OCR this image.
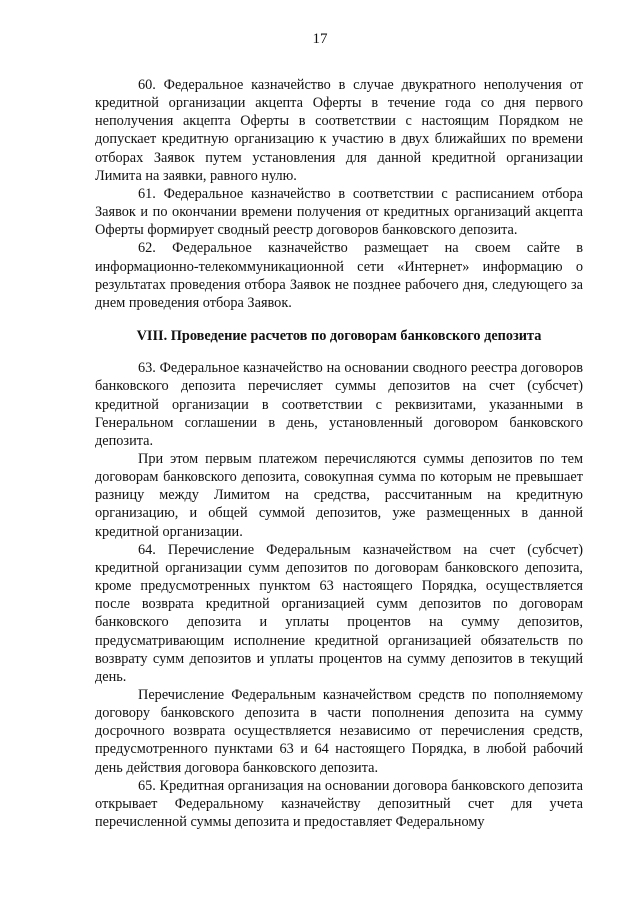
17

60. Федеральное казначейство в случае двукратного неполучения от кредитной организации акцепта Оферты в течение года со дня первого неполучения акцепта Оферты в соответствии с настоящим Порядком не допускает кредитную организацию к участию в двух ближайших по времени отборах Заявок путем установления для данной кредитной организации Лимита на заявки, равного нулю.

61. Федеральное казначейство в соответствии с расписанием отбора Заявок и по окончании времени получения от кредитных организаций акцепта Оферты формирует сводный реестр договоров банковского депозита.

62. Федеральное казначейство размещает на своем сайте в информационно-телекоммуникационной сети «Интернет» информацию о результатах проведения отбора Заявок не позднее рабочего дня, следующего за днем проведения отбора Заявок.

VIII. Проведение расчетов по договорам банковского депозита

63. Федеральное казначейство на основании сводного реестра договоров банковского депозита перечисляет суммы депозитов на счет (субсчет) кредитной организации в соответствии с реквизитами, указанными в Генеральном соглашении в день, установленный договором банковского депозита.

При этом первым платежом перечисляются суммы депозитов по тем договорам банковского депозита, совокупная сумма по которым не превышает разницу между Лимитом на средства, рассчитанным на кредитную организацию, и общей суммой депозитов, уже размещенных в данной кредитной организации.

64. Перечисление Федеральным казначейством на счет (субсчет) кредитной организации сумм депозитов по договорам банковского депозита, кроме предусмотренных пунктом 63 настоящего Порядка, осуществляется после возврата кредитной организацией сумм депозитов по договорам банковского депозита и уплаты процентов на сумму депозитов, предусматривающим исполнение кредитной организацией обязательств по возврату сумм депозитов и уплаты процентов на сумму депозитов в текущий день.

Перечисление Федеральным казначейством средств по пополняемому договору банковского депозита в части пополнения депозита на сумму досрочного возврата осуществляется независимо от перечисления средств, предусмотренного пунктами 63 и 64 настоящего Порядка, в любой рабочий день действия договора банковского депозита.

65. Кредитная организация на основании договора банковского депозита открывает Федеральному казначейству депозитный счет для учета перечисленной суммы депозита и предоставляет Федеральному
